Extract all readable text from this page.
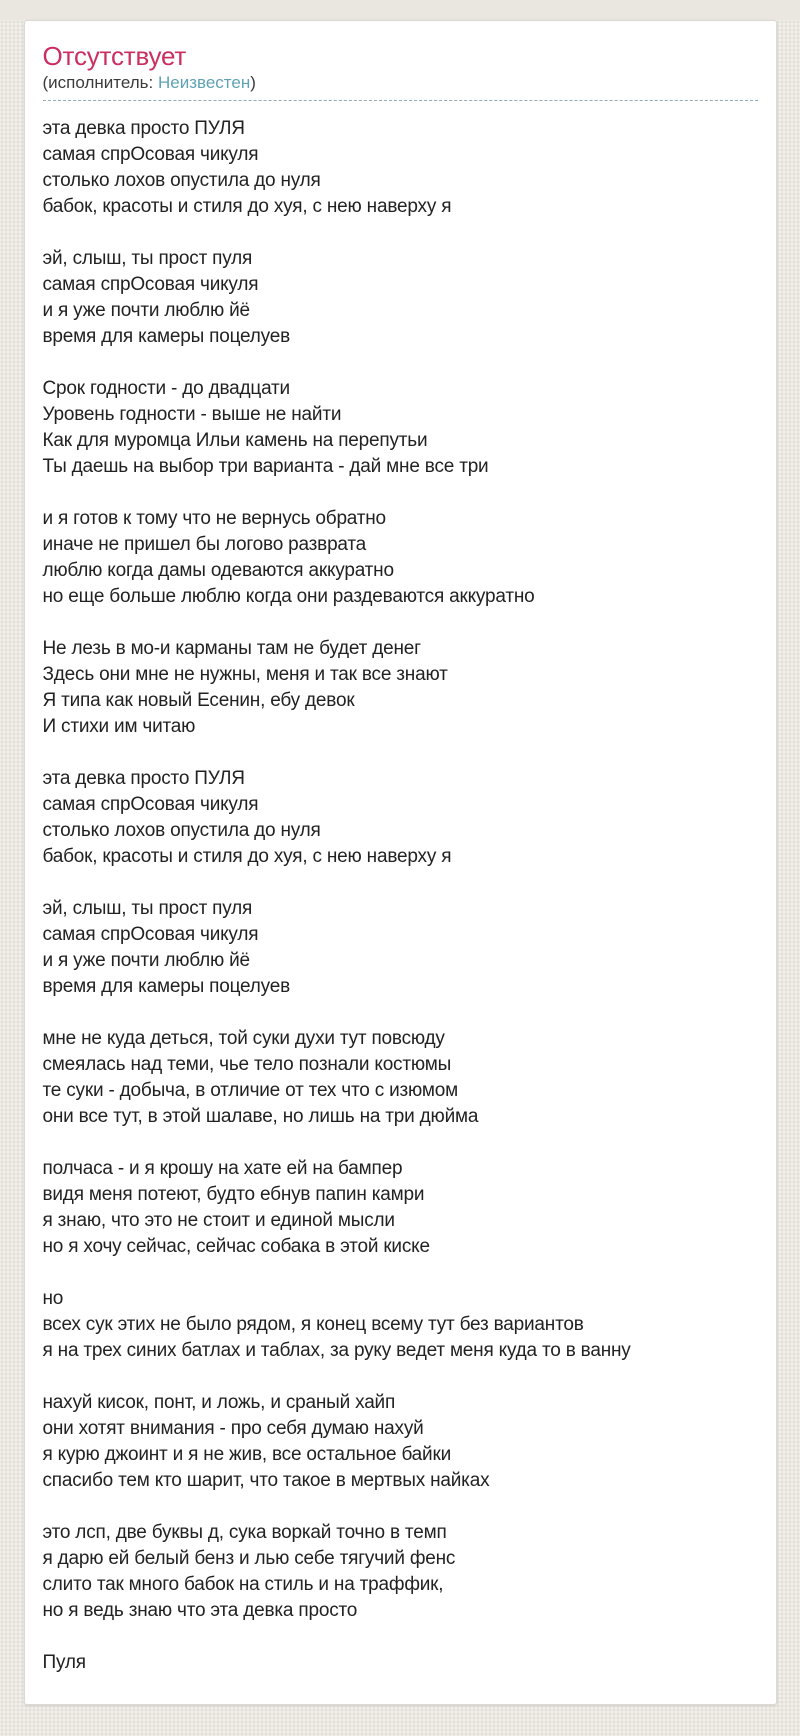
Отсутствует
(исполнитель: Неизвестен)
эта девка просто ПУЛЯ
самая спрОсовая чикуля
столько лохов опустила до нуля
бабок, красоты и стиля до хуя, с нею наверху я
эй, слыш, ты прост пуля
самая спрОсовая чикуля
и я уже почти люблю йё
время для камеры поцелуев
Срок годности - до двадцати
Уровень годности - выше не найти
Как для муромца Ильи камень на перепутьи
Ты даешь на выбор три варианта - дай мне все три
и я готов к тому что не вернусь обратно
иначе не пришел бы логово разврата
люблю когда дамы одеваются аккуратно
но еще больше люблю когда они раздеваются аккуратно
Не лезь в мо-и карманы там не будет денег
Здесь они мне не нужны, меня и так все знают
Я типа как новый Есенин, ебу девок
И стихи им читаю
эта девка просто ПУЛЯ
самая спрОсовая чикуля
столько лохов опустила до нуля
бабок, красоты и стиля до хуя, с нею наверху я
эй, слыш, ты прост пуля
самая спрОсовая чикуля
и я уже почти люблю йё
время для камеры поцелуев
мне не куда деться, той суки духи тут повсюду
смеялась над теми, чье тело познали костюмы
те суки - добыча, в отличие от тех что с изюмом
они все тут, в этой шалаве, но лишь на три дюйма
полчаса - и я крошу на хате ей на бампер
видя меня потеют, будто ебнув папин камри
я знаю, что это не стоит и единой мысли
но я хочу сейчас, сейчас собака в этой киске
но
всех сук этих не было рядом, я конец всему тут без вариантов
я на трех синих батлах и таблах, за руку ведет меня куда то в ванну
нахуй кисок, понт, и ложь, и сраный хайп
они хотят внимания - про себя думаю нахуй
я курю джоинт и я не жив, все остальное байки
спасибо тем кто шарит, что такое в мертвых найках
это лсп, две буквы д, сука воркай точно в темп
я дарю ей белый бенз и лью себе тягучий фенс
слито так много бабок на стиль и на траффик,
но я ведь знаю что эта девка просто
Пуля
